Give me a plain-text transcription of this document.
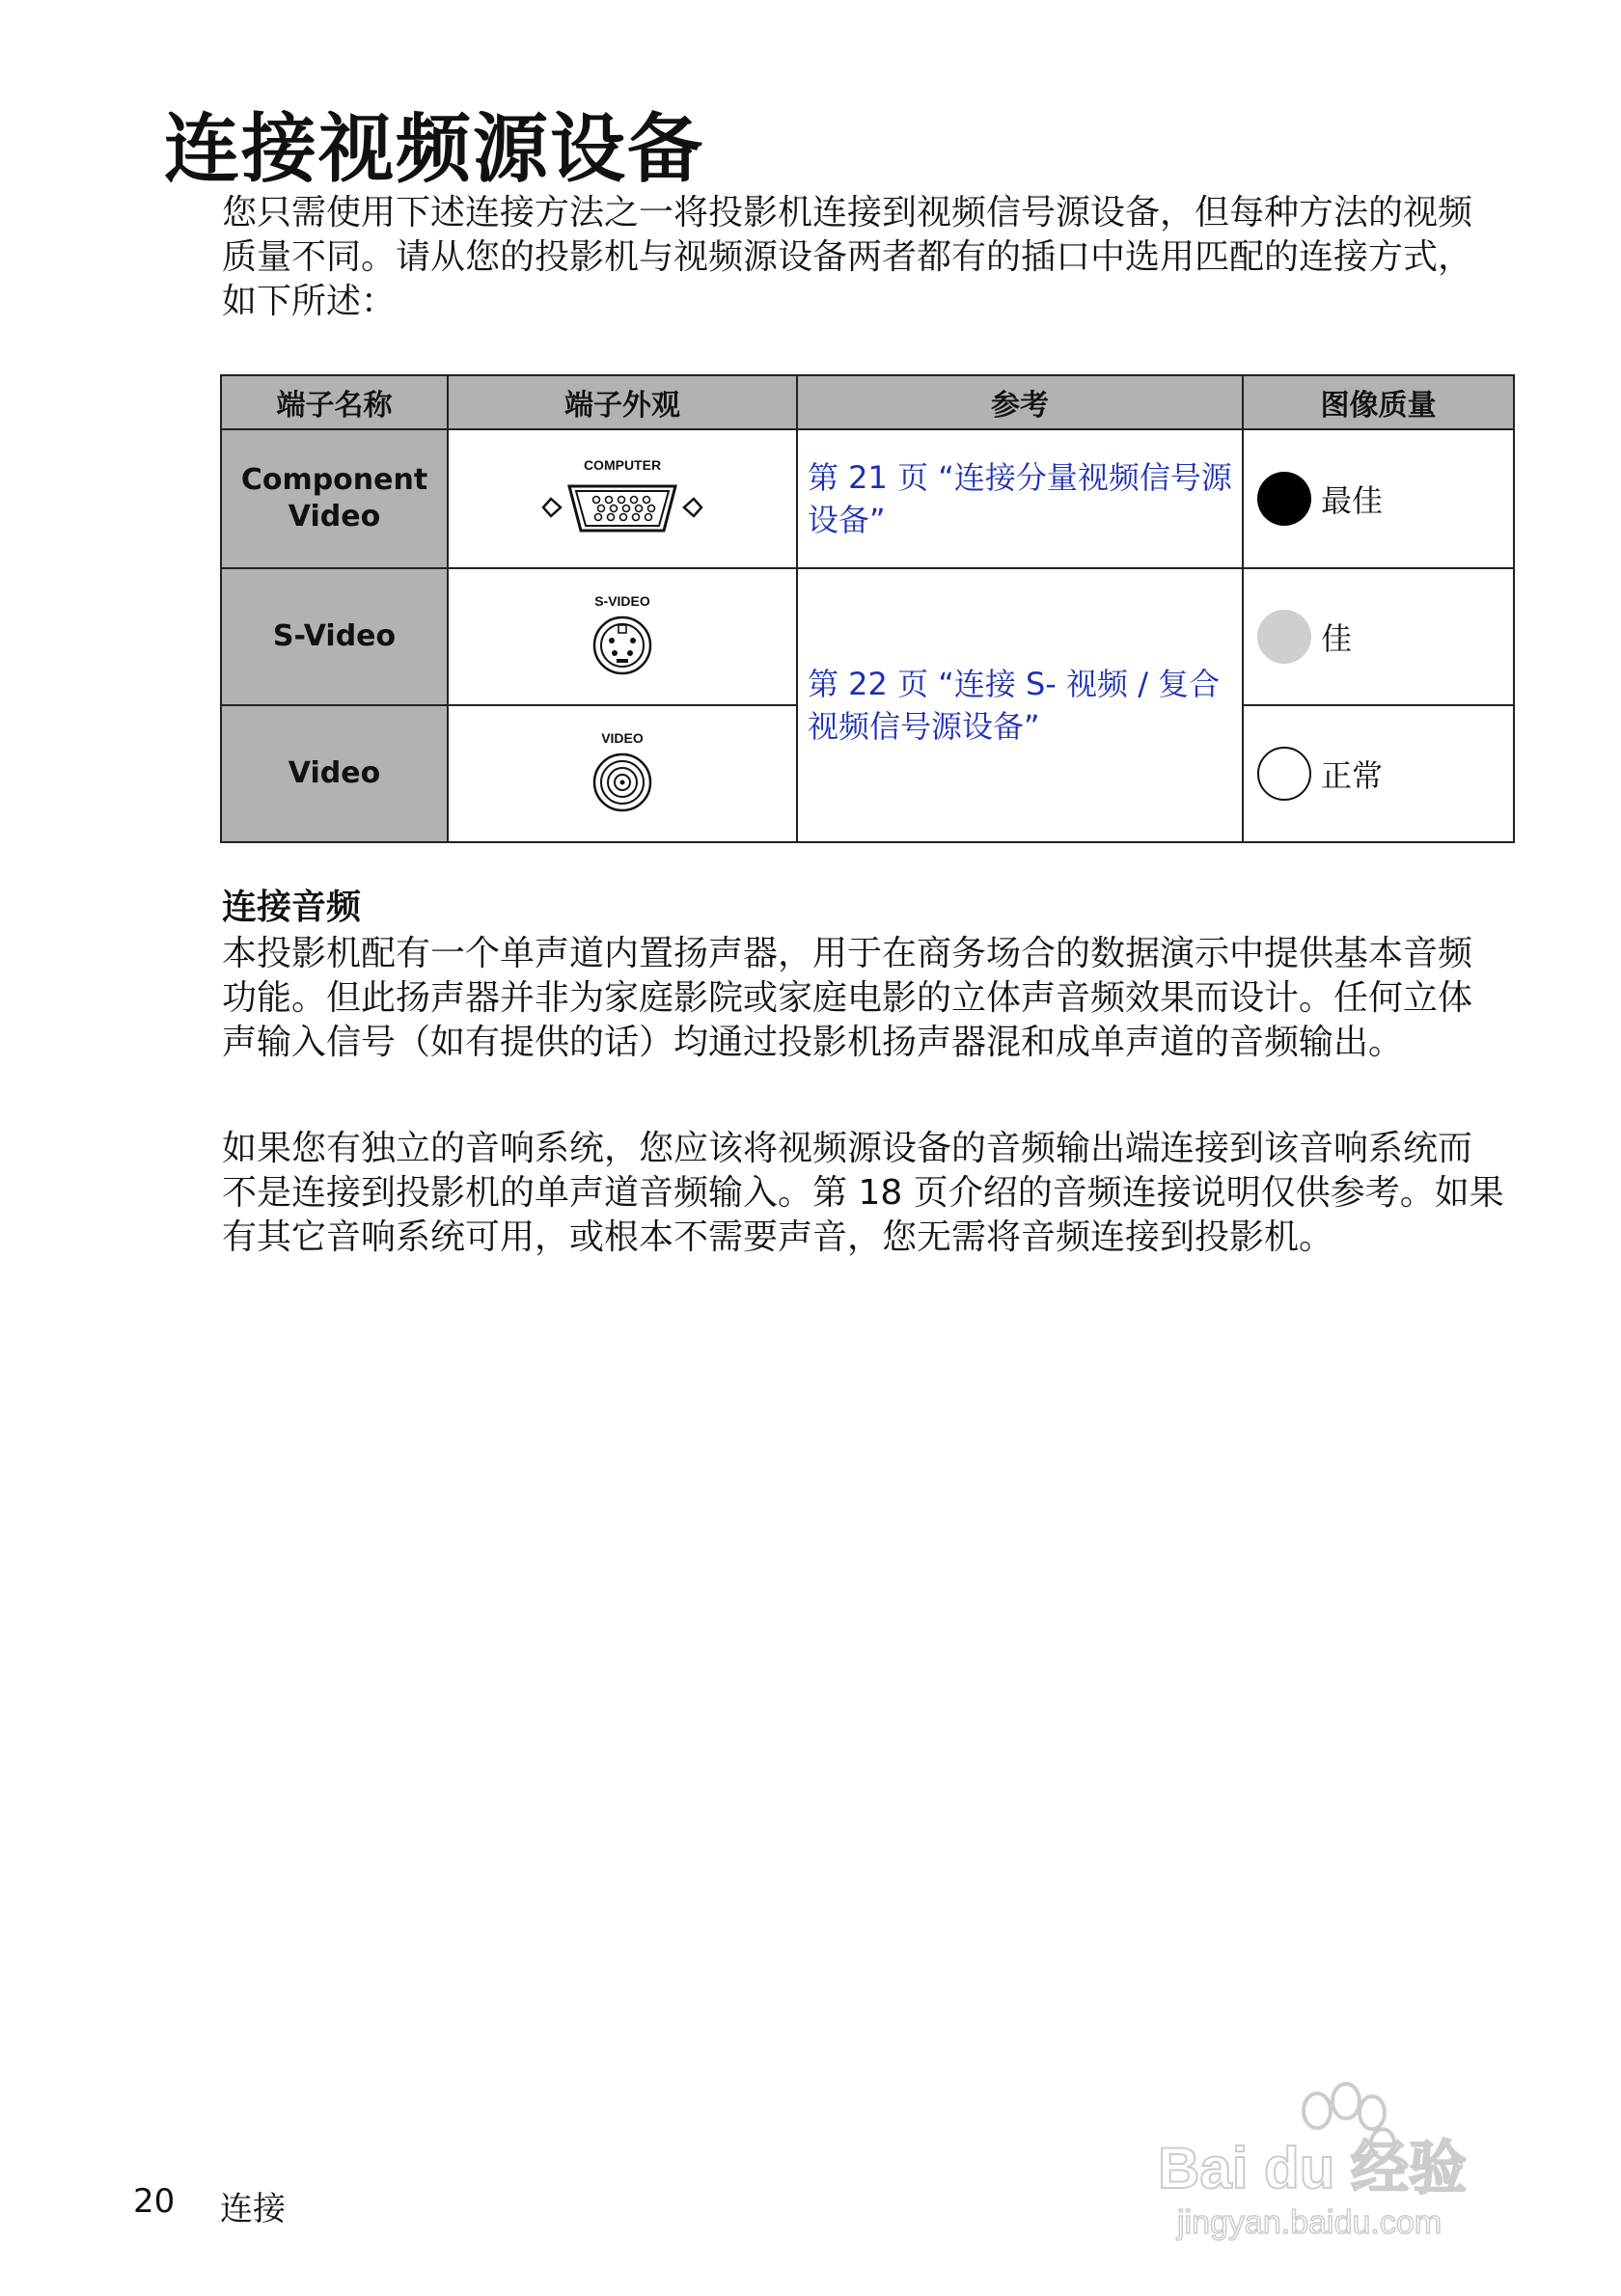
连接视频源设备

您只需使用下述连接方法之一将投影机连接到视频信号源设备，但每种方法的视频质量不同。请从您的投影机与视频源设备两者都有的插口中选用匹配的连接方式，如下所述：

端子名称	端子外观	参考	图像质量
Component Video	COMPUTER	第 21 页 “连接分量视频信号源设备”	最佳
S-Video	S-VIDEO	第 22 页 “连接 S- 视频 / 复合视频信号源设备”	佳
Video	VIDEO		正常
连接音频

本投影机配有一个单声道内置扬声器，用于在商务场合的数据演示中提供基本音频功能。但此扬声器并非为家庭影院或家庭电影的立体声音频效果而设计。任何立体声输入信号（如有提供的话）均通过投影机扬声器混和成单声道的音频输出。

如果您有独立的音响系统，您应该将视频源设备的音频输出端连接到该音响系统而不是连接到投影机的单声道音频输入。第 18 页介绍的音频连接说明仅供参考。如果有其它音响系统可用，或根本不需要声音，您无需将音频连接到投影机。

20 连接
Bai du 经验
jingyan.baidu.com
